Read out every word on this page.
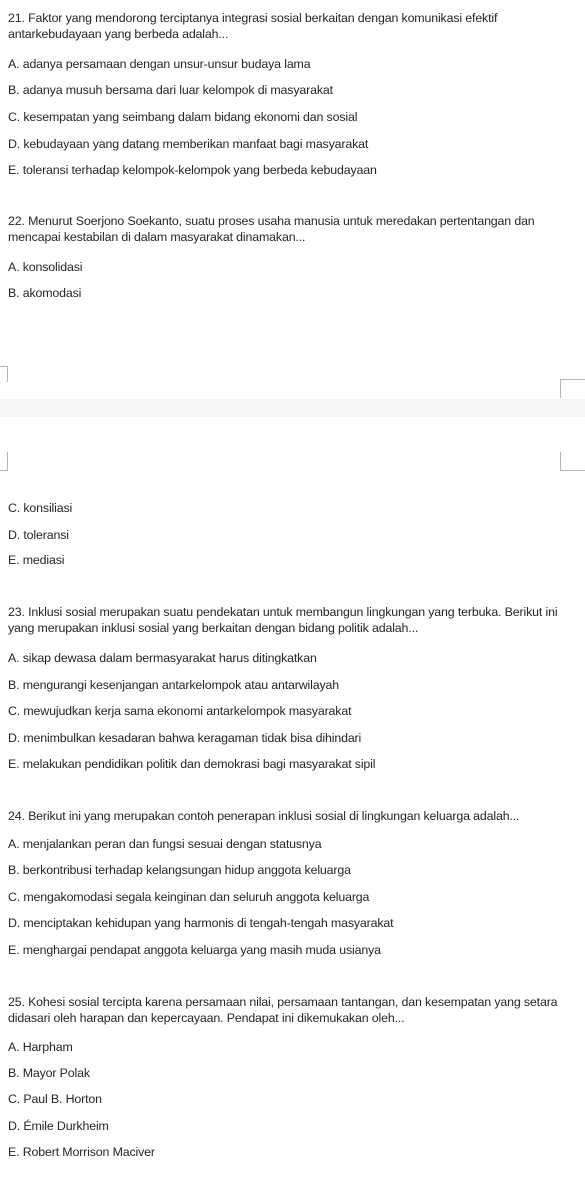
21. Faktor yang mendorong terciptanya integrasi sosial berkaitan dengan komunikasi efektif antarkebudayaan yang berbeda adalah...

A. adanya persamaan dengan unsur-unsur budaya lama
B. adanya musuh bersama dari luar kelompok di masyarakat
C. kesempatan yang seimbang dalam bidang ekonomi dan sosial
D. kebudayaan yang datang memberikan manfaat bagi masyarakat
E. toleransi terhadap kelompok-kelompok yang berbeda kebudayaan

22. Menurut Soerjono Soekanto, suatu proses usaha manusia untuk meredakan pertentangan dan mencapai kestabilan di dalam masyarakat dinamakan...

A. konsolidasi
B. akomodasi
C. konsiliasi
D. toleransi
E. mediasi

23. Inklusi sosial merupakan suatu pendekatan untuk membangun lingkungan yang terbuka. Berikut ini yang merupakan inklusi sosial yang berkaitan dengan bidang politik adalah...

A. sikap dewasa dalam bermasyarakat harus ditingkatkan
B. mengurangi kesenjangan antarkelompok atau antarwilayah
C. mewujudkan kerja sama ekonomi antarkelompok masyarakat
D. menimbulkan kesadaran bahwa keragaman tidak bisa dihindari
E. melakukan pendidikan politik dan demokrasi bagi masyarakat sipil

24. Berikut ini yang merupakan contoh penerapan inklusi sosial di lingkungan keluarga adalah...

A. menjalankan peran dan fungsi sesuai dengan statusnya
B. berkontribusi terhadap kelangsungan hidup anggota keluarga
C. mengakomodasi segala keinginan dan seluruh anggota keluarga
D. menciptakan kehidupan yang harmonis di tengah-tengah masyarakat
E. menghargai pendapat anggota keluarga yang masih muda usianya

25. Kohesi sosial tercipta karena persamaan nilai, persamaan tantangan, dan kesempatan yang setara didasari oleh harapan dan kepercayaan. Pendapat ini dikemukakan oleh...

A. Harpham
B. Mayor Polak
C. Paul B. Horton
D. Émile Durkheim
E. Robert Morrison Maciver
